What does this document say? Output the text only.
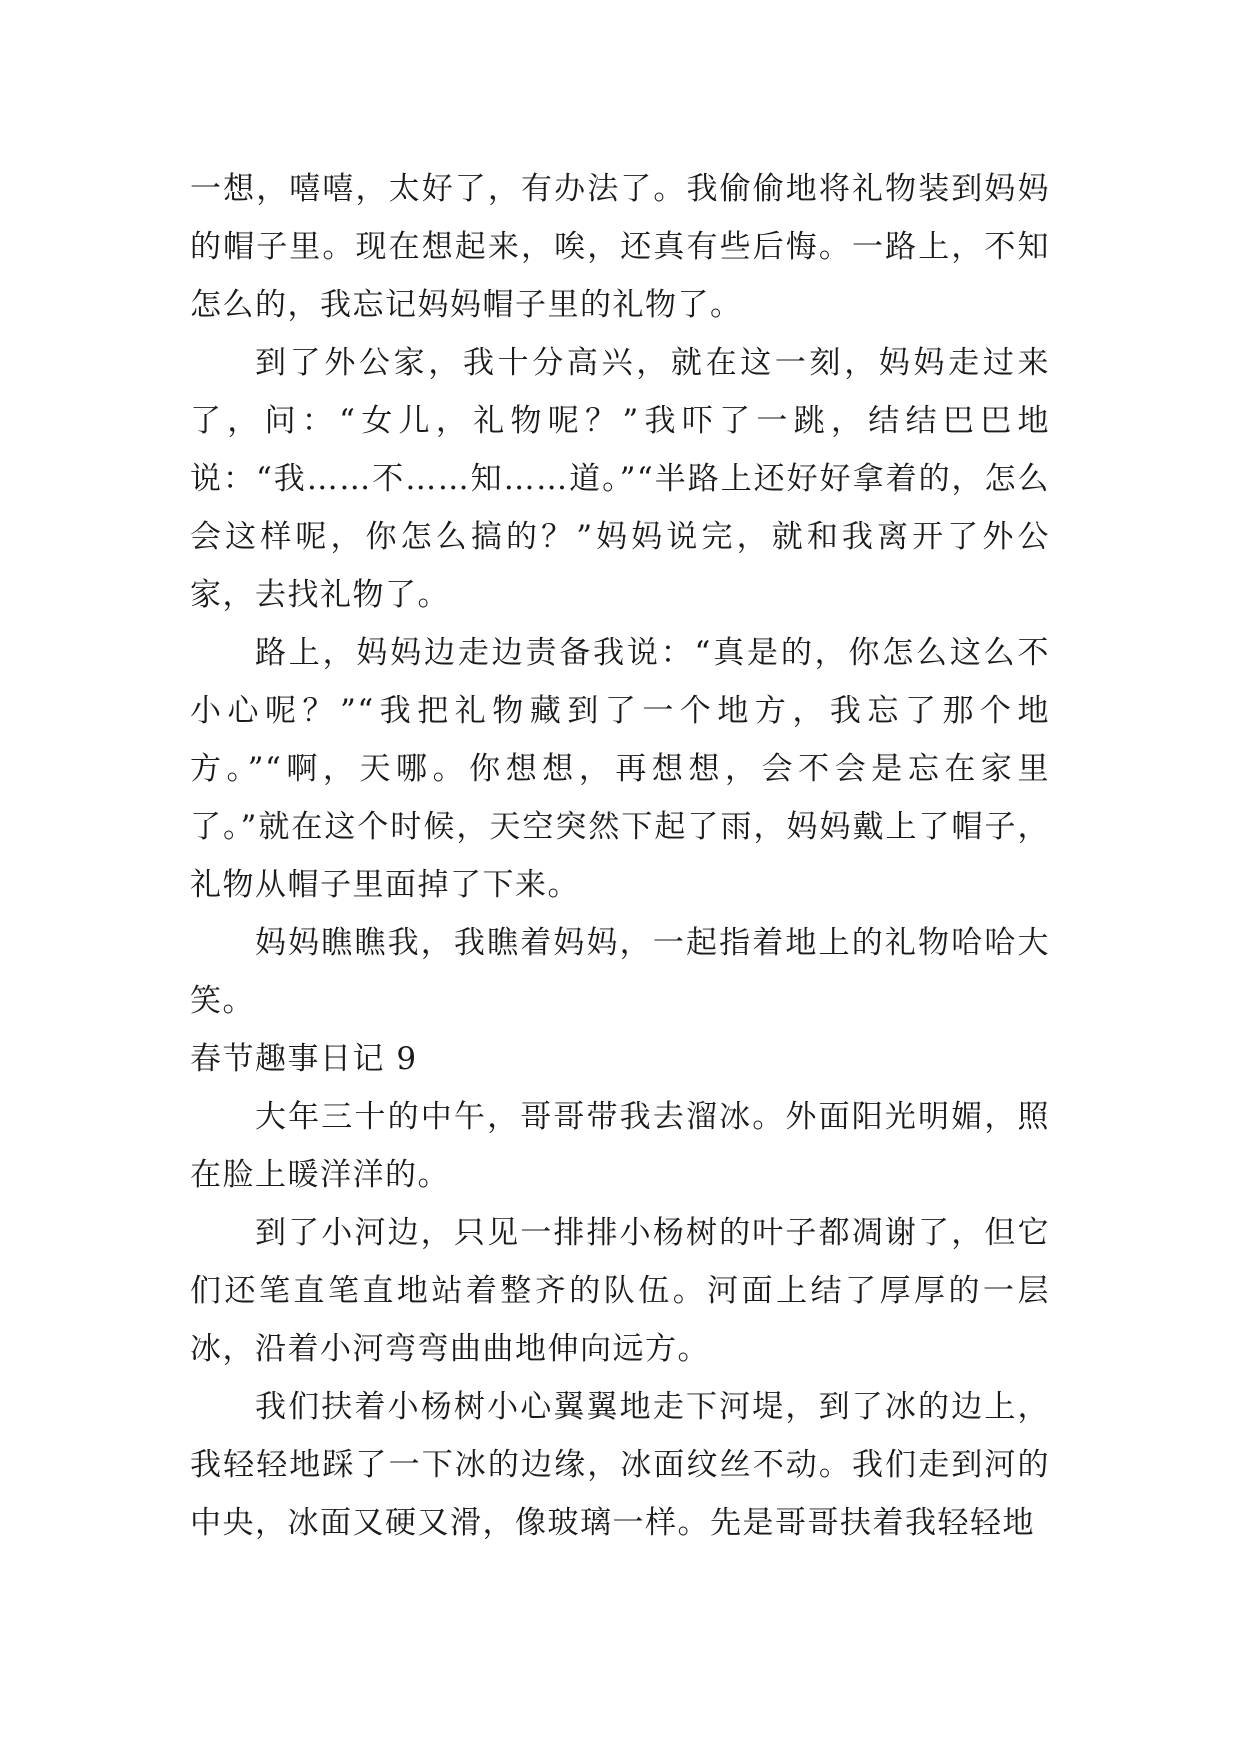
一想，嘻嘻，太好了，有办法了。我偷偷地将礼物装到妈妈的帽子里。现在想起来，唉，还真有些后悔。一路上，不知怎么的，我忘记妈妈帽子里的礼物了。

到了外公家，我十分高兴，就在这一刻，妈妈走过来了，问：“女儿，礼物呢？”我吓了一跳，结结巴巴地说：“我……不……知……道。”“半路上还好好拿着的，怎么会这样呢，你怎么搞的？”妈妈说完，就和我离开了外公家，去找礼物了。

路上，妈妈边走边责备我说：“真是的，你怎么这么不小心呢？”“我把礼物藏到了一个地方，我忘了那个地方。”“啊，天哪。你想想，再想想，会不会是忘在家里了。”就在这个时候，天空突然下起了雨，妈妈戴上了帽子，礼物从帽子里面掉了下来。

妈妈瞧瞧我，我瞧着妈妈，一起指着地上的礼物哈哈大笑。

春节趣事日记 9

大年三十的中午，哥哥带我去溜冰。外面阳光明媚，照在脸上暖洋洋的。

到了小河边，只见一排排小杨树的叶子都凋谢了，但它们还笔直笔直地站着整齐的队伍。河面上结了厚厚的一层冰，沿着小河弯弯曲曲地伸向远方。

我们扶着小杨树小心翼翼地走下河堤，到了冰的边上，我轻轻地踩了一下冰的边缘，冰面纹丝不动。我们走到河的中央，冰面又硬又滑，像玻璃一样。先是哥哥扶着我轻轻地
